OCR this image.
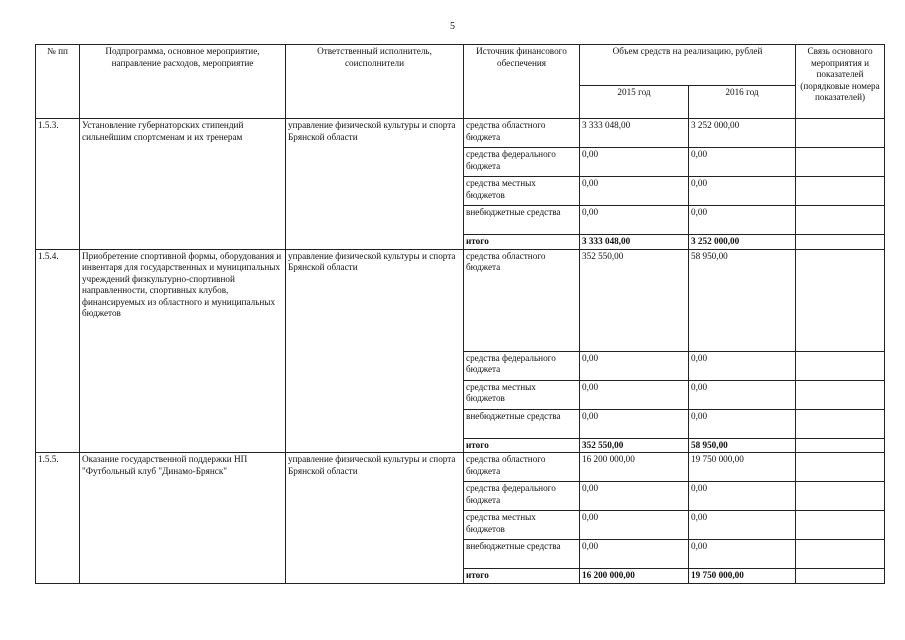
5
№ пп	Подпрограмма, основное мероприятие, направление расходов, мероприятие	Ответственный исполнитель, соисполнители	Источник финансового обеспечения	Объем средств на реализацию, рублей		Связь основного мероприятия и показателей (порядковые номера показателей)
				2015 год	2016 год	
1.5.3.	Установление губернаторских стипендий сильнейшим спортсменам и их тренерам	управление физической культуры и спорта Брянской области	средства областного бюджета	3 333 048,00	3 252 000,00	
			средства федерального бюджета	0,00	0,00	
			средства местных бюджетов	0,00	0,00	
			внебюджетные средства	0,00	0,00	
			итого	3 333 048,00	3 252 000,00	
1.5.4.	Приобретение спортивной формы, оборудования и инвентаря для государственных и муниципальных учреждений физкультурно-спортивной направленности, спортивных клубов, финансируемых из областного и муниципальных бюджетов	управление физической культуры и спорта Брянской области	средства областного бюджета	352 550,00	58 950,00	
			средства федерального бюджета	0,00	0,00	
			средства местных бюджетов	0,00	0,00	
			внебюджетные средства	0,00	0,00	
			итого	352 550,00	58 950,00	
1.5.5.	Оказание государственной поддержки НП "Футбольный клуб "Динамо-Брянск"	управление физической культуры и спорта Брянской области	средства областного бюджета	16 200 000,00	19 750 000,00	
			средства федерального бюджета	0,00	0,00	
			средства местных бюджетов	0,00	0,00	
			внебюджетные средства	0,00	0,00	
			итого	16 200 000,00	19 750 000,00	
